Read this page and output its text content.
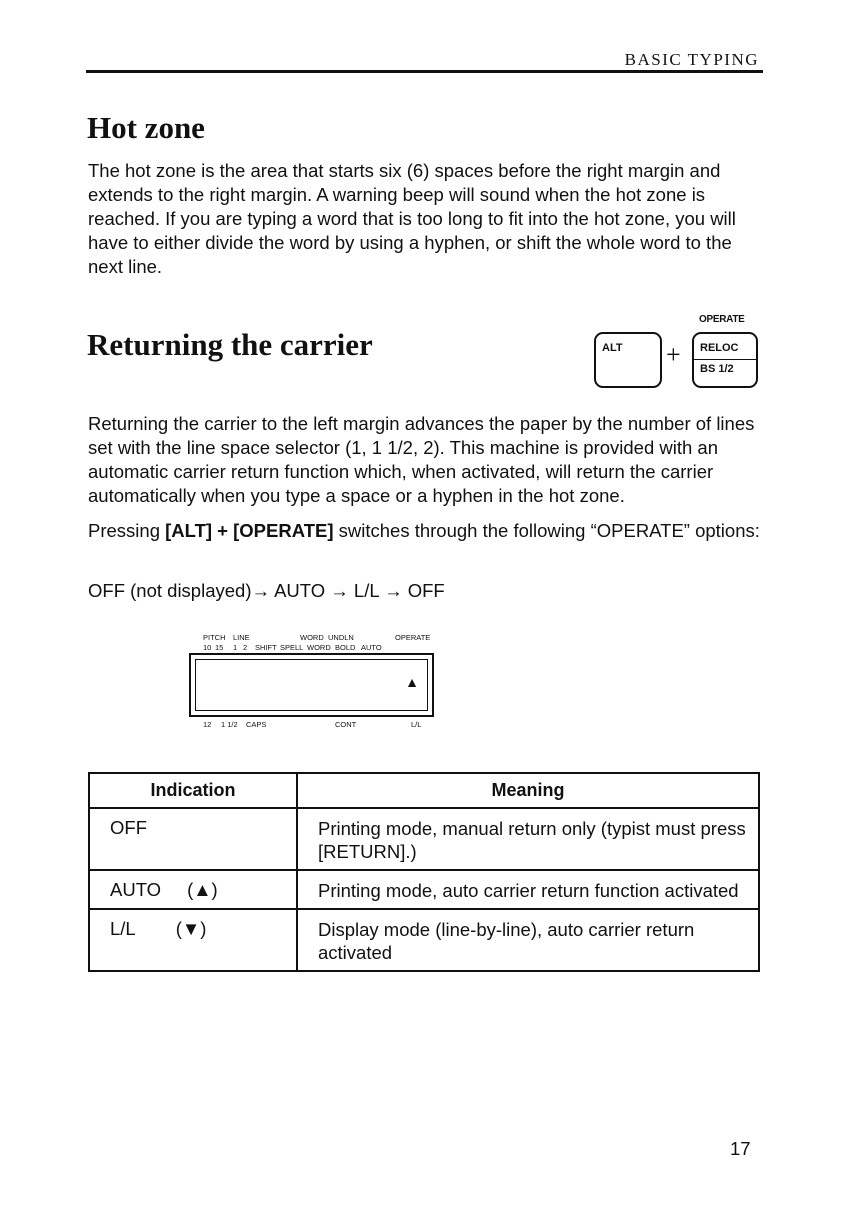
BASIC TYPING
Hot zone

The hot zone is the area that starts six (6) spaces before the right margin and extends to the right margin. A warning beep will sound when the hot zone is reached. If you are typing a word that is too long to fit into the hot zone, you will have to either divide the word by using a hyphen, or shift the whole word to the next line.

Returning the carrier	ALT +
OPERATE
RELOC
BS 1/2

Returning the carrier to the left margin advances the paper by the number of lines set with the line space selector (1, 1 1/2, 2). This machine is provided with an automatic carrier return function which, when activated, will return the carrier automatically when you type a space or a hyphen in the hot zone.

Pressing [ALT] + [OPERATE] switches through the following “OPERATE” options:

OFF (not displayed)→ AUTO → L/L → OFF

PITCH LINE	WORD UNDLN	OPERATE
10 15 1 2 SHIFT SPELL WORD BOLD AUTO
▲
12 1 1/2 CAPS	CONT	L/L
Indication	Meaning
OFF	Printing mode, manual return only (typist must press [RETURN].)
AUTO (▲)	Printing mode, auto carrier return function activated
L/L (▼)	Display mode (line-by-line), auto carrier return activated
17
